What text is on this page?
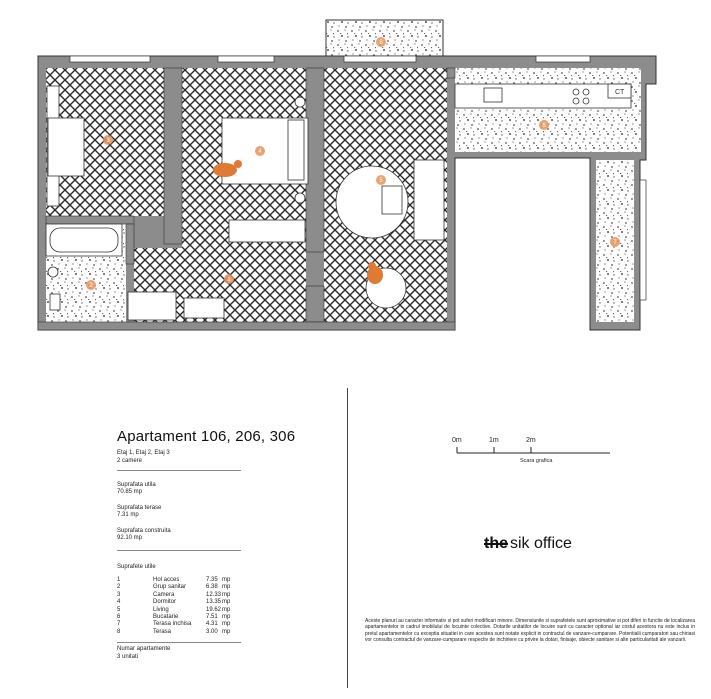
CT
3
4
5
6
7
8
1
2
Apartament 106, 206, 306
Etaj 1, Etaj 2, Etaj 3
2 camere
Suprafata utila
70.85 mp
Suprafata terase
7.31 mp
Suprafata construita
92.10 mp
Suprafete utile
1	Hol acces	7.35 mp
2	Grup sanitar	6.38 mp
3	Camera	12.33 mp
4	Dormitor	13.35 mp
5	Living	19.62 mp
6	Bucatarie	7.51 mp
7	Terasa inchisa	4.31 mp
8	Terasa	3.00 mp
Numar apartamente
3 unitati
0m	1m	2m
Scara grafica
the sik office
Aceste planuri au caracter informativ si pot suferi modificari minore. Dimensiunile si suprafetele sunt aproximative si pot diferi in functie de localizarea apartamentelor in cadrul imobilului de locuinte colective. Dotarile unitatilor de locuire sunt cu caracter optional iar costul acestora nu este inclus in pretul apartamentelor cu exceptia situatiei in care acestea sunt notate explicit in contractul de vanzare-cumparare. Potentialii cumparatori sau chiriasi vor consulta contractul de vanzare-cumparare respectiv de inchiriere cu privire la dotari, finisaje, obiecte sanitare si alte particularitati ale vanzarii.
